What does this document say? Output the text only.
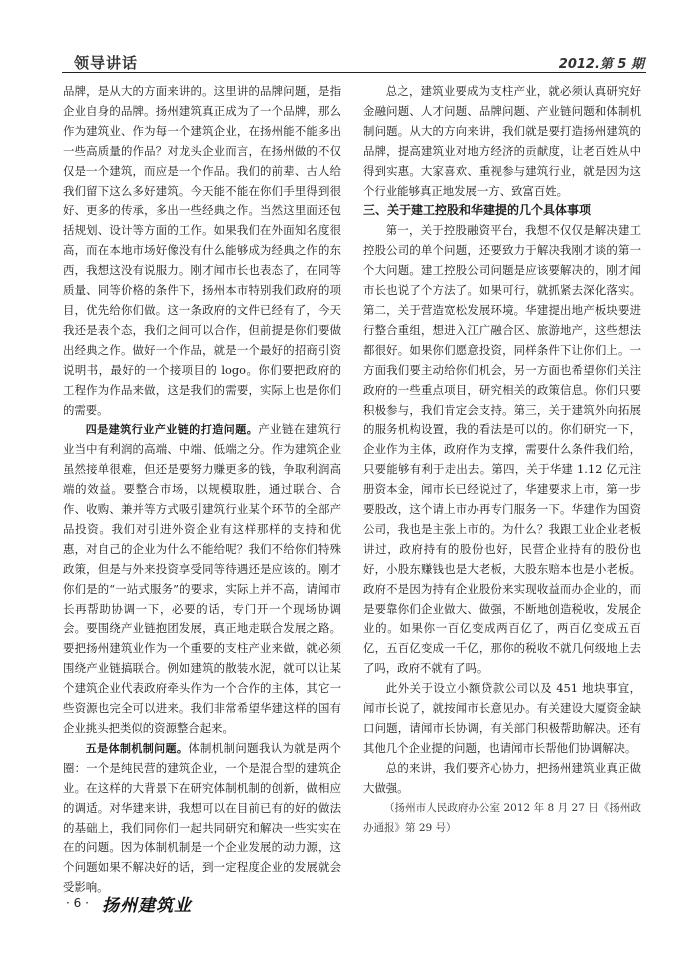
领导讲话	2012.第 5 期

品牌，是从大的方面来讲的。这里讲的品牌问题，是指企业自身的品牌。扬州建筑真正成为了一个品牌，那么作为建筑业、作为每一个建筑企业，在扬州能不能多出一些高质量的作品？对龙头企业而言，在扬州做的不仅仅是一个建筑，而应是一个作品。我们的前辈、古人给我们留下这么多好建筑。今天能不能在你们手里得到很好、更多的传承，多出一些经典之作。当然这里面还包括规划、设计等方面的工作。如果我们在外面知名度很高，而在本地市场好像没有什么能够成为经典之作的东西，我想这没有说服力。刚才闻市长也表态了，在同等质量、同等价格的条件下，扬州本市特别我们政府的项目，优先给你们做。这一条政府的文件已经有了，今天我还是表个态，我们之间可以合作，但前提是你们要做出经典之作。做好一个作品，就是一个最好的招商引资说明书，最好的一个接项目的 logo。你们要把政府的工程作为作品来做，这是我们的需要，实际上也是你们的需要。

四是建筑行业产业链的打造问题。产业链在建筑行业当中有利润的高端、中端、低端之分。作为建筑企业虽然接单很难，但还是要努力赚更多的钱，争取利润高端的效益。要整合市场，以规模取胜，通过联合、合作、收购、兼并等方式吸引建筑行业某个环节的全部产品投资。我们对引进外资企业有这样那样的支持和优惠，对自己的企业为什么不能给呢？我们不给你们特殊政策，但是与外来投资享受同等待遇还是应该的。刚才你们是的“一站式服务”的要求，实际上并不高，请闻市长再帮助协调一下，必要的话，专门开一个现场协调会。要围绕产业链抱团发展，真正地走联合发展之路。要把扬州建筑业作为一个重要的支柱产业来做，就必须围绕产业链搞联合。例如建筑的散装水泥，就可以让某个建筑企业代表政府牵头作为一个合作的主体，其它一些资源也完全可以进来。我们非常希望华建这样的国有企业挑头把类似的资源整合起来。

五是体制机制问题。体制机制问题我认为就是两个圈：一个是纯民营的建筑企业，一个是混合型的建筑企业。在这样的大背景下在研究体制机制的创新，做相应的调适。对华建来讲，我想可以在目前已有的好的做法的基础上，我们同你们一起共同研究和解决一些实实在在的问题。因为体制机制是一个企业发展的动力源，这个问题如果不解决好的话，到一定程度企业的发展就会受影响。

总之，建筑业要成为支柱产业，就必须认真研究好金融问题、人才问题、品牌问题、产业链问题和体制机制问题。从大的方向来讲，我们就是要打造扬州建筑的品牌，提高建筑业对地方经济的贡献度，让老百姓从中得到实惠。大家喜欢、重视参与建筑行业，就是因为这个行业能够真正地发展一方、致富百姓。

三、关于建工控股和华建提的几个具体事项

第一，关于控股融资平台，我想不仅仅是解决建工控股公司的单个问题，还要致力于解决我刚才谈的第一个大问题。建工控股公司问题是应该要解决的，刚才闻市长也说了个方法了。如果可行，就抓紧去深化落实。第二，关于营造宽松发展环境。华建提出地产板块要进行整合重组，想进入江广融合区、旅游地产，这些想法都很好。如果你们愿意投资，同样条件下让你们上。一方面我们要主动给你们机会，另一方面也希望你们关注政府的一些重点项目，研究相关的政策信息。你们只要积极参与，我们肯定会支持。第三，关于建筑外向拓展的服务机构设置，我的看法是可以的。你们研究一下，企业作为主体，政府作为支撑，需要什么条件我们给，只要能够有利于走出去。第四，关于华建 1.12 亿元注册资本金，闻市长已经说过了，华建要求上市，第一步要股改，这个请上市办再专门服务一下。华建作为国资公司，我也是主张上市的。为什么？我跟工业企业老板讲过，政府持有的股份也好，民营企业持有的股份也好，小股东赚钱也是大老板，大股东赔本也是小老板。政府不是因为持有企业股份来实现收益而办企业的，而是要靠你们企业做大、做强，不断地创造税收，发展企业的。如果你一百亿变成两百亿了，两百亿变成五百亿，五百亿变成一千亿，那你的税收不就几何级地上去了吗，政府不就有了吗。

此外关于设立小额贷款公司以及 451 地块事宜，闻市长说了，就按闻市长意见办。有关建设大厦资金缺口问题，请闻市长协调，有关部门积极帮助解决。还有其他几个企业提的问题，也请闻市长帮他们协调解决。

总的来讲，我们要齐心协力，把扬州建筑业真正做大做强。

（扬州市人民政府办公室 2012 年 8 月 27 日《扬州政办通报》第 29 号）

· 6 · 扬州建筑业
